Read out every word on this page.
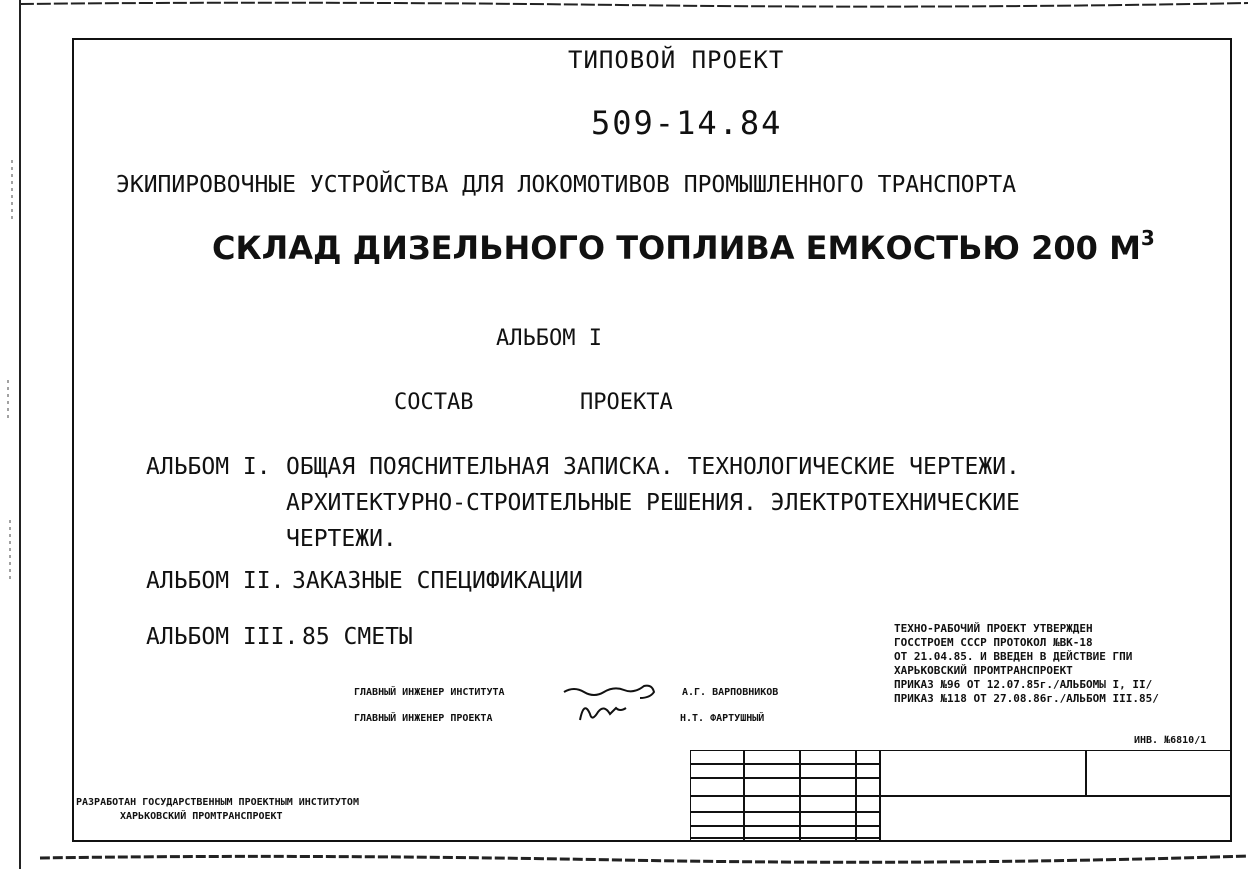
ТИПОВОЙ ПРОЕКТ
509-14.84
ЭКИПИРОВОЧНЫЕ УСТРОЙСТВА ДЛЯ ЛОКОМОТИВОВ ПРОМЫШЛЕННОГО ТРАНСПОРТА
СКЛАД ДИЗЕЛЬНОГО ТОПЛИВА ЕМКОСТЬЮ 200 $М^3$
АЛЬБОМ I
СОСТАВ	ПРОЕКТА
АЛЬБОМ I. ОБЩАЯ ПОЯСНИТЕЛЬНАЯ ЗАПИСКА. ТЕХНОЛОГИЧЕСКИЕ ЧЕРТЕЖИ.
АРХИТЕКТУРНО-СТРОИТЕЛЬНЫЕ РЕШЕНИЯ. ЭЛЕКТРОТЕХНИЧЕСКИЕ
ЧЕРТЕЖИ.
АЛЬБОМ II. ЗАКАЗНЫЕ СПЕЦИФИКАЦИИ
АЛЬБОМ III. 85 СМЕТЫ	ТЕХНО-РАБОЧИЙ ПРОЕКТ УТВЕРЖДЕН
ГОССТРОЕМ СССР ПРОТОКОЛ №ВК-18
ОТ 21.04.85. И ВВЕДЕН В ДЕЙСТВИЕ ГПИ
ХАРЬКОВСКИЙ ПРОМТРАНСПРОЕКТ
ПРИКАЗ №96 ОТ 12.07.85г./АЛЬБОМЫ I, II/
ПРИКАЗ №118 ОТ 27.08.86г./АЛЬБОМ III.85/
ГЛАВНЫЙ ИНЖЕНЕР ИНСТИТУТА
ГЛАВНЫЙ ИНЖЕНЕР ПРОЕКТА
А.Г. ВАРПОВНИКОВ
Н.Т. ФАРТУШНЫЙ
ИНВ. №6810/1
РАЗРАБОТАН ГОСУДАРСТВЕННЫМ ПРОЕКТНЫМ ИНСТИТУТОМ
ХАРЬКОВСКИЙ ПРОМТРАНСПРОЕКТ
